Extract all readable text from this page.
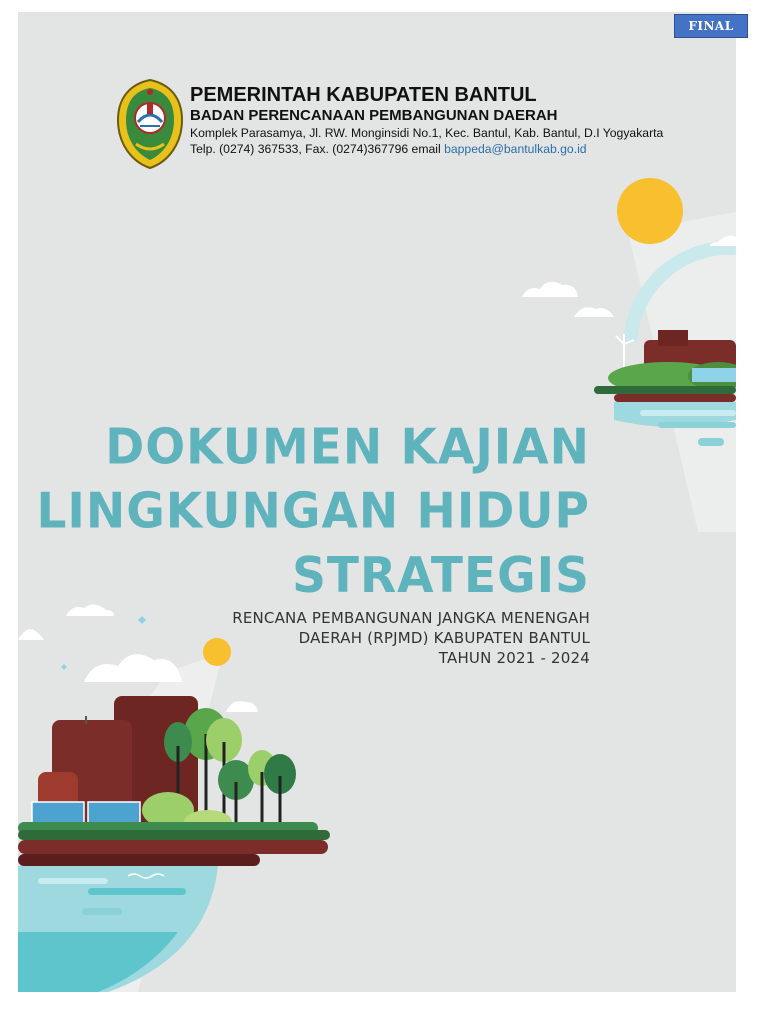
FINAL
PEMERINTAH KABUPATEN BANTUL
BADAN PERENCANAAN PEMBANGUNAN DAERAH
Komplek Parasamya, Jl. RW. Monginsidi No.1, Kec. Bantul, Kab. Bantul, D.I Yogyakarta
Telp. (0274) 367533, Fax. (0274)367796 email bappeda@bantulkab.go.id
DOKUMEN KAJIAN
LINGKUNGAN HIDUP
STRATEGIS
RENCANA PEMBANGUNAN JANGKA MENENGAH
DAERAH (RPJMD) KABUPATEN BANTUL
TAHUN 2021 - 2024
